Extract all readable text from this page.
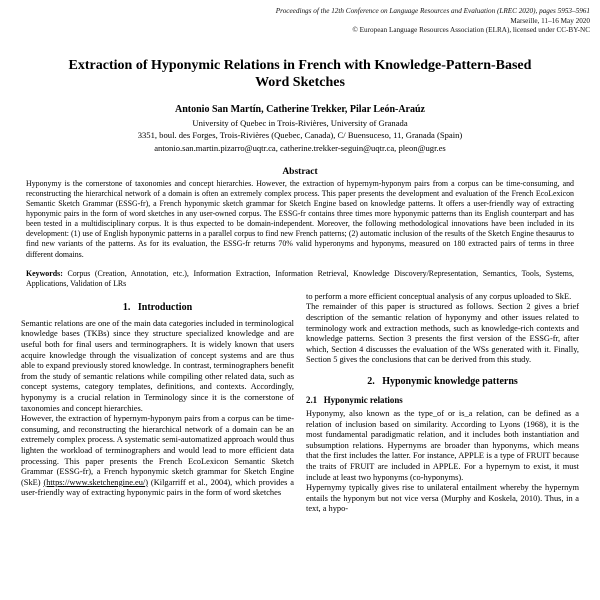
Proceedings of the 12th Conference on Language Resources and Evaluation (LREC 2020), pages 5953–5961
Marseille, 11–16 May 2020
© European Language Resources Association (ELRA), licensed under CC-BY-NC
Extraction of Hyponymic Relations in French with Knowledge-Pattern-Based Word Sketches
Antonio San Martín, Catherine Trekker, Pilar León-Araúz
University of Quebec in Trois-Rivières, University of Granada
3351, boul. des Forges, Trois-Rivières (Quebec, Canada), C/ Buensuceso, 11, Granada (Spain)
antonio.san.martin.pizarro@uqtr.ca, catherine.trekker-seguin@uqtr.ca, pleon@ugr.es
Abstract

Hyponymy is the cornerstone of taxonomies and concept hierarchies. However, the extraction of hypernym-hyponym pairs from a corpus can be time-consuming, and reconstructing the hierarchical network of a domain is often an extremely complex process. This paper presents the development and evaluation of the French EcoLexicon Semantic Sketch Grammar (ESSG-fr), a French hyponymic sketch grammar for Sketch Engine based on knowledge patterns. It offers a user-friendly way of extracting hyponymic pairs in the form of word sketches in any user-owned corpus. The ESSG-fr contains three times more hyponymic patterns than its English counterpart and has been tested in a multidisciplinary corpus. It is thus expected to be domain-independent. Moreover, the following methodological innovations have been included in its development: (1) use of English hyponymic patterns in a parallel corpus to find new French patterns; (2) automatic inclusion of the results of the Sketch Engine thesaurus to find new variants of the patterns. As for its evaluation, the ESSG-fr returns 70% valid hyperonyms and hyponyms, measured on 180 extracted pairs of terms in three different domains.

Keywords: Corpus (Creation, Annotation, etc.), Information Extraction, Information Retrieval, Knowledge Discovery/Representation, Semantics, Tools, Systems, Applications, Validation of LRs

1.   Introduction

Semantic relations are one of the main data categories included in terminological knowledge bases (TKBs) since they structure specialized knowledge and are useful both for final users and terminographers. It is widely known that users acquire knowledge through the visualization of concept systems and are thus able to expand previously stored knowledge. In contrast, terminographers benefit from the study of semantic relations while compiling other related data, such as concept systems, category templates, definitions, and contexts. Accordingly, hyponymy is a crucial relation in Terminology since it is the cornerstone of taxonomies and concept hierarchies.

However, the extraction of hypernym-hyponym pairs from a corpus can be time-consuming, and reconstructing the hierarchical network of a domain can be an extremely complex process. A systematic semi-automatized approach would thus lighten the workload of terminographers and would lead to more efficient data processing. This paper presents the French EcoLexicon Semantic Sketch Grammar (ESSG-fr), a French hyponymic sketch grammar for Sketch Engine (SkE) (https://www.sketchengine.eu/) (Kilgarriff et al., 2004), which provides a user-friendly way of extracting hyponymic pairs in the form of word sketches

to perform a more efficient conceptual analysis of any corpus uploaded to SkE.

The remainder of this paper is structured as follows. Section 2 gives a brief description of the semantic relation of hyponymy and other issues related to terminology work and extraction methods, such as knowledge-rich contexts and knowledge patterns. Section 3 presents the first version of the ESSG-fr, after which, Section 4 discusses the evaluation of the WSs generated with it. Finally, Section 5 gives the conclusions that can be derived from this study.

2.   Hyponymic knowledge patterns
2.1   Hyponymic relations

Hyponymy, also known as the type_of or is_a relation, can be defined as a relation of inclusion based on similarity. According to Lyons (1968), it is the most fundamental paradigmatic relation, and it includes both instantiation and subsumption relations. Hypernyms are broader than hyponyms, which means that the first includes the latter. For instance, APPLE is a type of FRUIT because the traits of FRUIT are included in APPLE. For a hypernym to exist, it must include at least two hyponyms (co-hyponyms).

Hypernymy typically gives rise to unilateral entailment whereby the hypernym entails the hyponym but not vice versa (Murphy and Koskela, 2010). Thus, in a text, a hypo-
